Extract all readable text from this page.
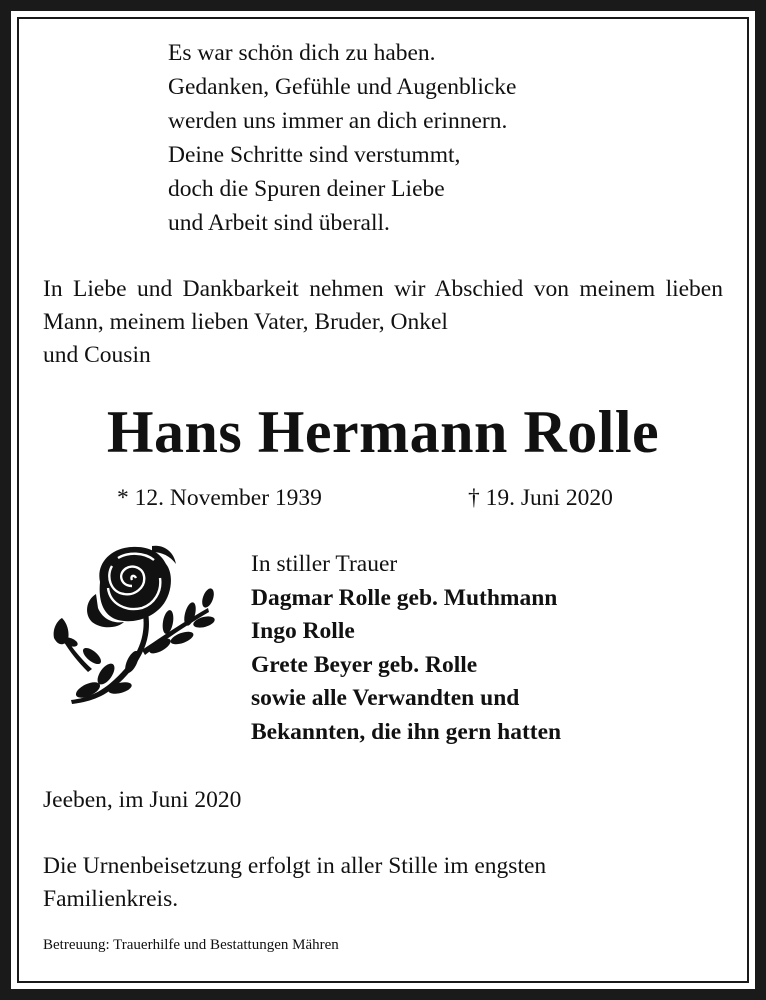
Es war schön dich zu haben.
Gedanken, Gefühle und Augenblicke
werden uns immer an dich erinnern.
Deine Schritte sind verstummt,
doch die Spuren deiner Liebe
und Arbeit sind überall.
In Liebe und Dankbarkeit nehmen wir Abschied von meinem lieben Mann, meinem lieben Vater, Bruder, Onkel
und Cousin
Hans Hermann Rolle
* 12. November 1939	† 19. Juni 2020
In stiller Trauer
Dagmar Rolle geb. Muthmann
Ingo Rolle
Grete Beyer geb. Rolle
sowie alle Verwandten und
Bekannten, die ihn gern hatten
Jeeben, im Juni 2020
Die Urnenbeisetzung erfolgt in aller Stille im engsten
Familienkreis.
Betreuung: Trauerhilfe und Bestattungen Mähren
